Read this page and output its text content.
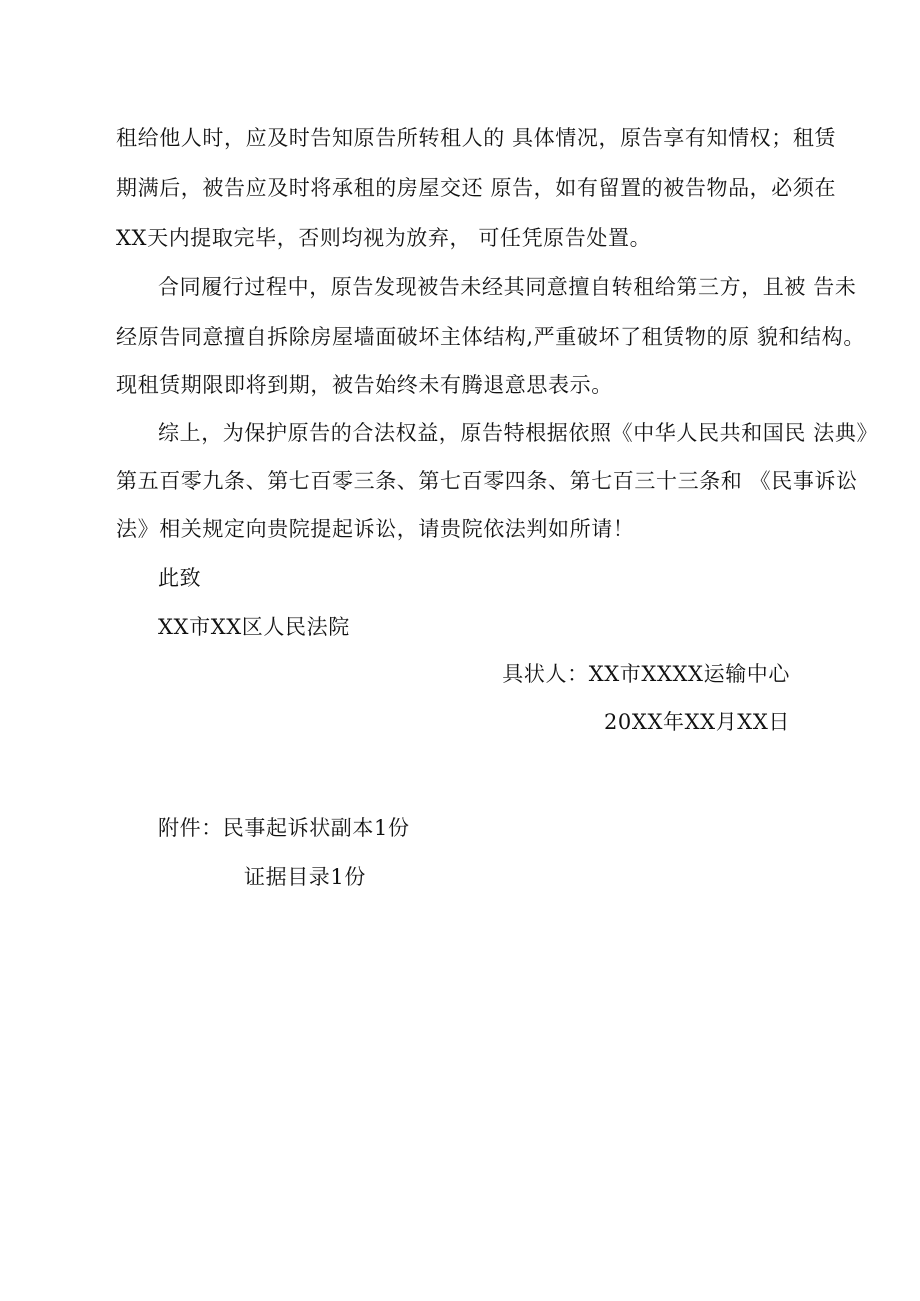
租给他人时，应及时告知原告所转租人的 具体情况，原告享有知情权；租赁
期满后，被告应及时将承租的房屋交还 原告，如有留置的被告物品，必须在
XX天内提取完毕，否则均视为放弃， 可任凭原告处置。
合同履行过程中，原告发现被告未经其同意擅自转租给第三方，且被 告未
经原告同意擅自拆除房屋墙面破坏主体结构,严重破坏了租赁物的原 貌和结构。
现租赁期限即将到期，被告始终未有腾退意思表示。
综上，为保护原告的合法权益，原告特根据依照《中华人民共和国民 法典》
第五百零九条、第七百零三条、第七百零四条、第七百三十三条和 《民事诉讼
法》相关规定向贵院提起诉讼，请贵院依法判如所请！
此致
XX市XX区人民法院
具状人：XX市XXXX运输中心
20XX年XX月XX日
附件：民事起诉状副本1份
证据目录1份
